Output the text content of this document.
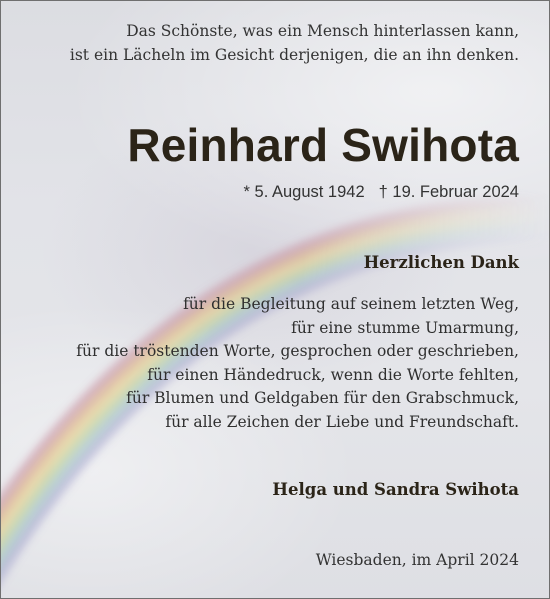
Das Schönste, was ein Mensch hinterlassen kann,
ist ein Lächeln im Gesicht derjenigen, die an ihn denken.
Reinhard Swihota
* 5. August 1942 † 19. Februar 2024
Herzlichen Dank
für die Begleitung auf seinem letzten Weg,
für eine stumme Umarmung,
für die tröstenden Worte, gesprochen oder geschrieben,
für einen Händedruck, wenn die Worte fehlten,
für Blumen und Geldgaben für den Grabschmuck,
für alle Zeichen der Liebe und Freundschaft.
Helga und Sandra Swihota
Wiesbaden, im April 2024
